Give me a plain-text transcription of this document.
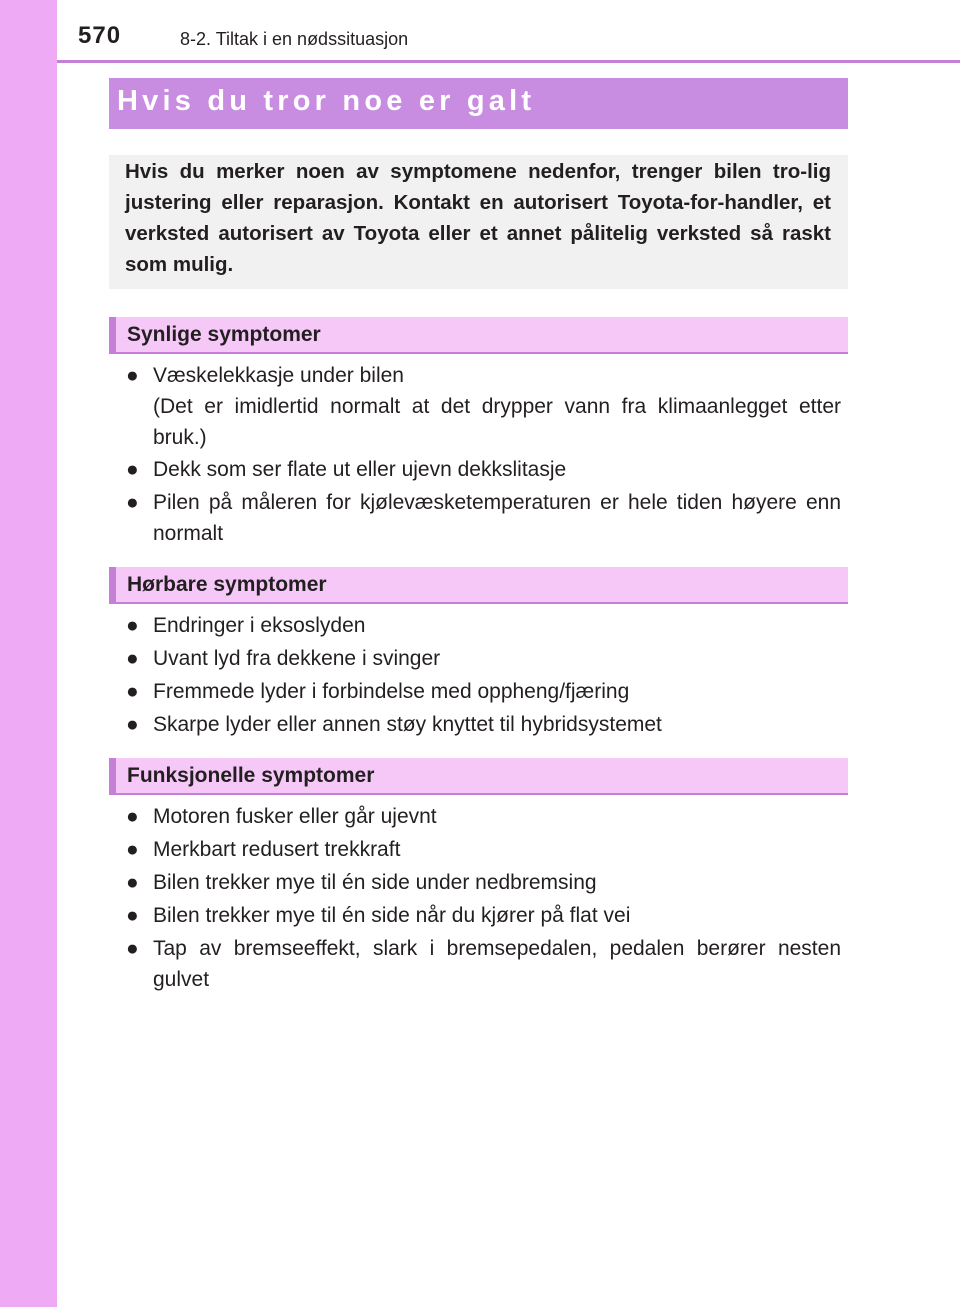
570	8-2. Tiltak i en nødssituasjon
Hvis du tror noe er galt
Hvis du merker noen av symptomene nedenfor, trenger bilen tro-lig justering eller reparasjon. Kontakt en autorisert Toyota-for-handler, et verksted autorisert av Toyota eller et annet pålitelig verksted så raskt som mulig.
Synlige symptomer
● Væskelekkasje under bilen
(Det er imidlertid normalt at det drypper vann fra klimaanlegget etter bruk.)
● Dekk som ser flate ut eller ujevn dekkslitasje
● Pilen på måleren for kjølevæsketemperaturen er hele tiden høyere enn normalt
Hørbare symptomer
● Endringer i eksoslyden
● Uvant lyd fra dekkene i svinger
● Fremmede lyder i forbindelse med oppheng/fjæring
● Skarpe lyder eller annen støy knyttet til hybridsystemet
Funksjonelle symptomer
● Motoren fusker eller går ujevnt
● Merkbart redusert trekkraft
● Bilen trekker mye til én side under nedbremsing
● Bilen trekker mye til én side når du kjører på flat vei
● Tap av bremseeffekt, slark i bremsepedalen, pedalen berører nesten gulvet
